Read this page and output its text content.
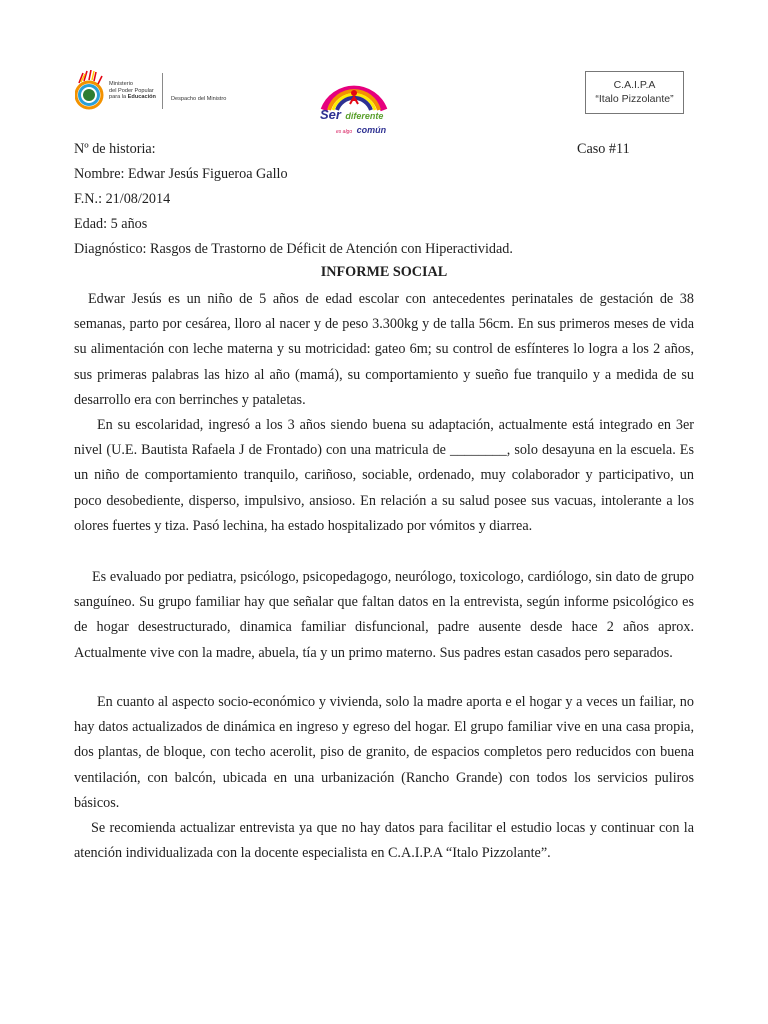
Ministerio
del Poder Popular
para la Educación	Despacho del Ministro
Ser diferente
es algo común
C.A.I.P.A
“Italo Pizzolante”
Nº de historia:	Caso #11
Nombre: Edwar Jesús Figueroa Gallo
F.N.: 21/08/2014
Edad: 5 años
Diagnóstico: Rasgos de Trastorno de Déficit de Atención con Hiperactividad.
INFORME SOCIAL

Edwar Jesús es un niño de 5 años de edad escolar con antecedentes perinatales de gestación de 38 semanas, parto por cesárea, lloro al nacer y de peso 3.300kg y de talla 56cm. En sus primeros meses de vida su alimentación con leche materna y su motricidad: gateo 6m; su control de esfínteres lo logra a los 2 años, sus primeras palabras las hizo al año (mamá), su comportamiento y sueño fue tranquilo y a medida de su desarrollo era con berrinches y pataletas.

En su escolaridad, ingresó a los 3 años siendo buena su adaptación, actualmente está integrado en 3er nivel (U.E. Bautista Rafaela J de Frontado) con una matricula de ________, solo desayuna en la escuela. Es un niño de comportamiento tranquilo, cariñoso, sociable, ordenado, muy colaborador y participativo, un poco desobediente, disperso, impulsivo, ansioso. En relación a su salud posee sus vacuas, intolerante a los olores fuertes y tiza. Pasó lechina, ha estado hospitalizado por vómitos y diarrea.

Es evaluado por pediatra, psicólogo, psicopedagogo, neurólogo, toxicologo, cardiólogo, sin dato de grupo sanguíneo. Su grupo familiar hay que señalar que faltan datos en la entrevista, según informe psicológico es de hogar desestructurado, dinamica familiar disfuncional, padre ausente desde hace 2 años aprox. Actualmente vive con la madre, abuela, tía y un primo materno. Sus padres estan casados pero separados.

En cuanto al aspecto socio-económico y vivienda, solo la madre aporta e el hogar y a veces un failiar, no hay datos actualizados de dinámica en ingreso y egreso del hogar. El grupo familiar vive en una casa propia, dos plantas, de bloque, con techo acerolit, piso de granito, de espacios completos pero reducidos con buena ventilación, con balcón, ubicada en una urbanización (Rancho Grande) con todos los servicios puliros básicos.

Se recomienda actualizar entrevista ya que no hay datos para facilitar el estudio locas y continuar con la atención individualizada con la docente especialista en C.A.I.P.A “Italo Pizzolante”.
